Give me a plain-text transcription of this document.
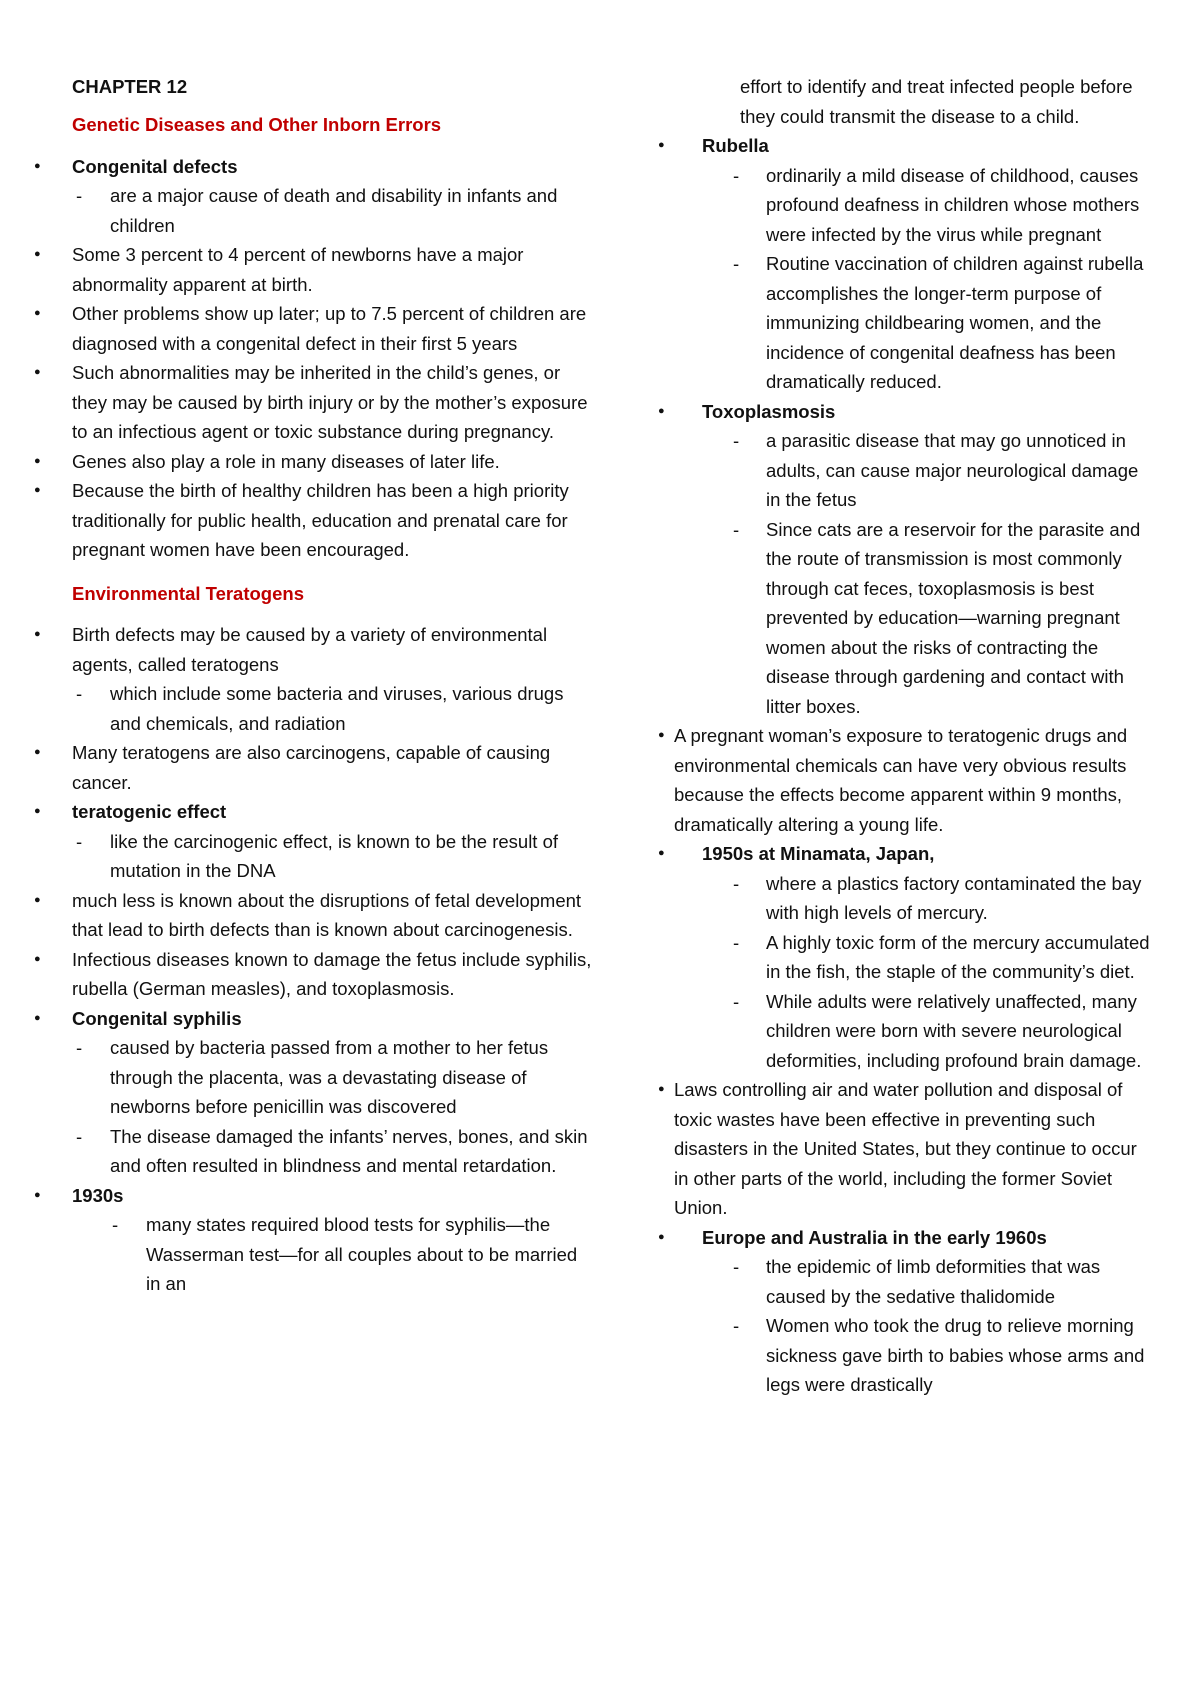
CHAPTER 12
Genetic Diseases and Other Inborn Errors
● Congenital defects
- are a major cause of death and disability in infants and children
● Some 3 percent to 4 percent of newborns have a major abnormality apparent at birth.
● Other problems show up later; up to 7.5 percent of children are diagnosed with a congenital defect in their first 5 years
● Such abnormalities may be inherited in the child’s genes, or they may be caused by birth injury or by the mother’s exposure to an infectious agent or toxic substance during pregnancy.
● Genes also play a role in many diseases of later life.
● Because the birth of healthy children has been a high priority traditionally for public health, education and prenatal care for pregnant women have been encouraged.
Environmental Teratogens
● Birth defects may be caused by a variety of environmental agents, called teratogens
- which include some bacteria and viruses, various drugs and chemicals, and radiation
● Many teratogens are also carcinogens, capable of causing cancer.
● teratogenic effect
- like the carcinogenic effect, is known to be the result of mutation in the DNA
● much less is known about the disruptions of fetal development that lead to birth defects than is known about carcinogenesis.
● Infectious diseases known to damage the fetus include syphilis, rubella (German measles), and toxoplasmosis.
● Congenital syphilis
- caused by bacteria passed from a mother to her fetus through the placenta, was a devastating disease of newborns before penicillin was discovered
- The disease damaged the infants’ nerves, bones, and skin and often resulted in blindness and mental retardation.
● 1930s
- many states required blood tests for syphilis—the Wasserman test—for all couples about to be married in an
effort to identify and treat infected people before they could transmit the disease to a child.
● Rubella
- ordinarily a mild disease of childhood, causes profound deafness in children whose mothers were infected by the virus while pregnant
- Routine vaccination of children against rubella accomplishes the longer-term purpose of immunizing childbearing women, and the incidence of congenital deafness has been dramatically reduced.
● Toxoplasmosis
- a parasitic disease that may go unnoticed in adults, can cause major neurological damage in the fetus
- Since cats are a reservoir for the parasite and the route of transmission is most commonly through cat feces, toxoplasmosis is best prevented by education—warning pregnant women about the risks of contracting the disease through gardening and contact with litter boxes.
● A pregnant woman’s exposure to teratogenic drugs and environmental chemicals can have very obvious results because the effects become apparent within 9 months, dramatically altering a young life.
● 1950s at Minamata, Japan,
- where a plastics factory contaminated the bay with high levels of mercury.
- A highly toxic form of the mercury accumulated in the fish, the staple of the community’s diet.
- While adults were relatively unaffected, many children were born with severe neurological deformities, including profound brain damage.
● Laws controlling air and water pollution and disposal of toxic wastes have been effective in preventing such disasters in the United States, but they continue to occur in other parts of the world, including the former Soviet Union.
● Europe and Australia in the early 1960s
- the epidemic of limb deformities that was caused by the sedative thalidomide
- Women who took the drug to relieve morning sickness gave birth to babies whose arms and legs were drastically
